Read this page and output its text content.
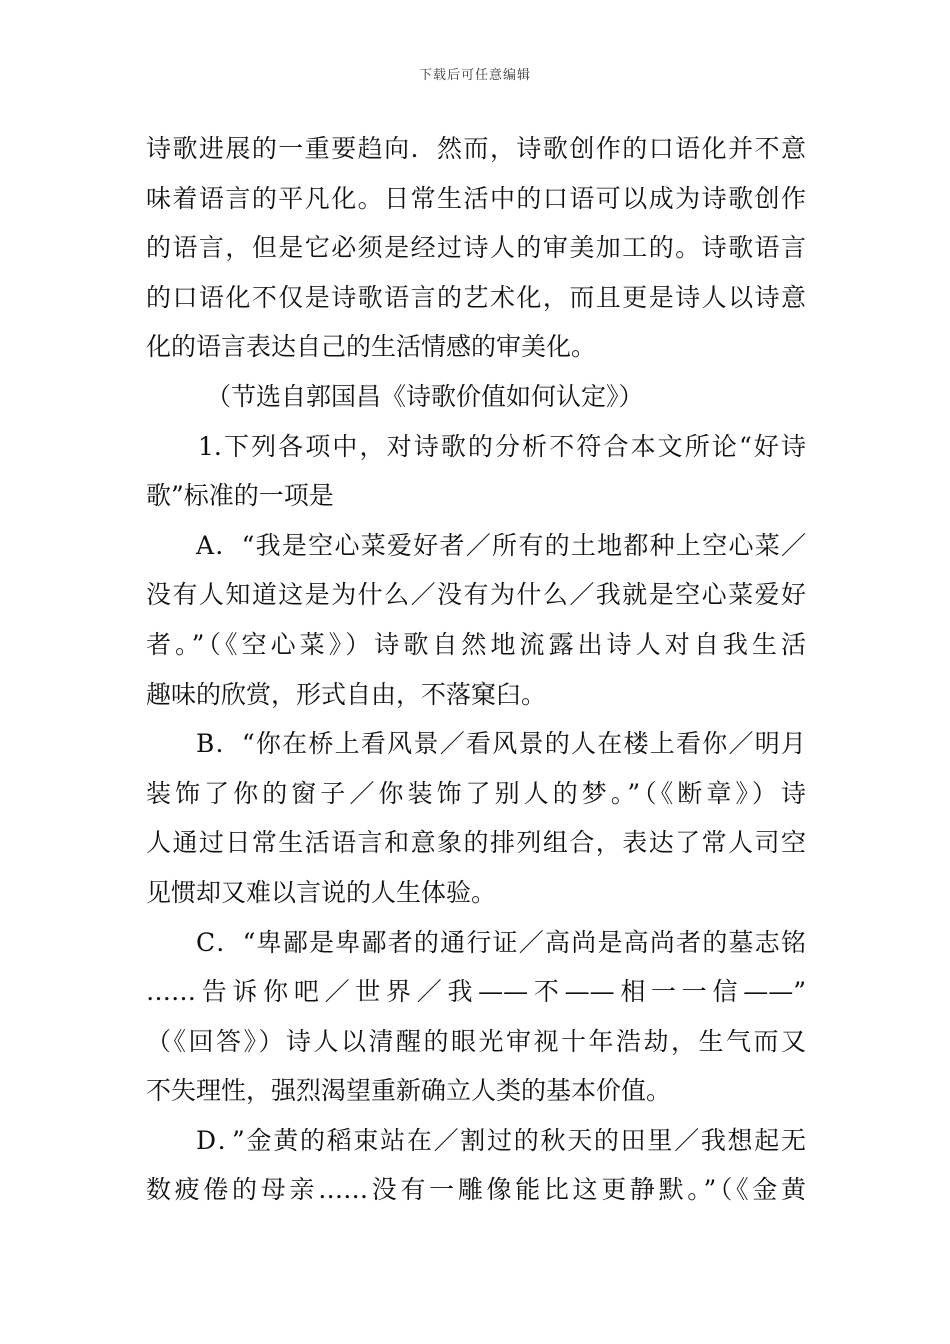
下载后可任意编辑
诗歌进展的一重要趋向．然而，诗歌创作的口语化并不意
味着语言的平凡化。日常生活中的口语可以成为诗歌创作
的语言，但是它必须是经过诗人的审美加工的。诗歌语言
的口语化不仅是诗歌语言的艺术化，而且更是诗人以诗意
化的语言表达自己的生活情感的审美化。
（节选自郭国昌《诗歌价值如何认定》）
1.下列各项中，对诗歌的分析不符合本文所论“好诗
歌”标准的一项是
A．“我是空心菜爱好者／所有的土地都种上空心菜／
没有人知道这是为什么／没有为什么／我就是空心菜爱好
者。”（《空心菜》）诗歌自然地流露出诗人对自我生活
趣味的欣赏，形式自由，不落窠臼。
B．“你在桥上看风景／看风景的人在楼上看你／明月
装饰了你的窗子／你装饰了别人的梦。”（《断章》）诗
人通过日常生活语言和意象的排列组合，表达了常人司空
见惯却又难以言说的人生体验。
C．“卑鄙是卑鄙者的通行证／高尚是高尚者的墓志铭
……告诉你吧／世界／我——不——相一一信——”
（《回答》）诗人以清醒的眼光审视十年浩劫，生气而又
不失理性，强烈渴望重新确立人类的基本价值。
D．”金黄的稻束站在／割过的秋天的田里／我想起无
数疲倦的母亲……没有一雕像能比这更静默。”（《金黄
